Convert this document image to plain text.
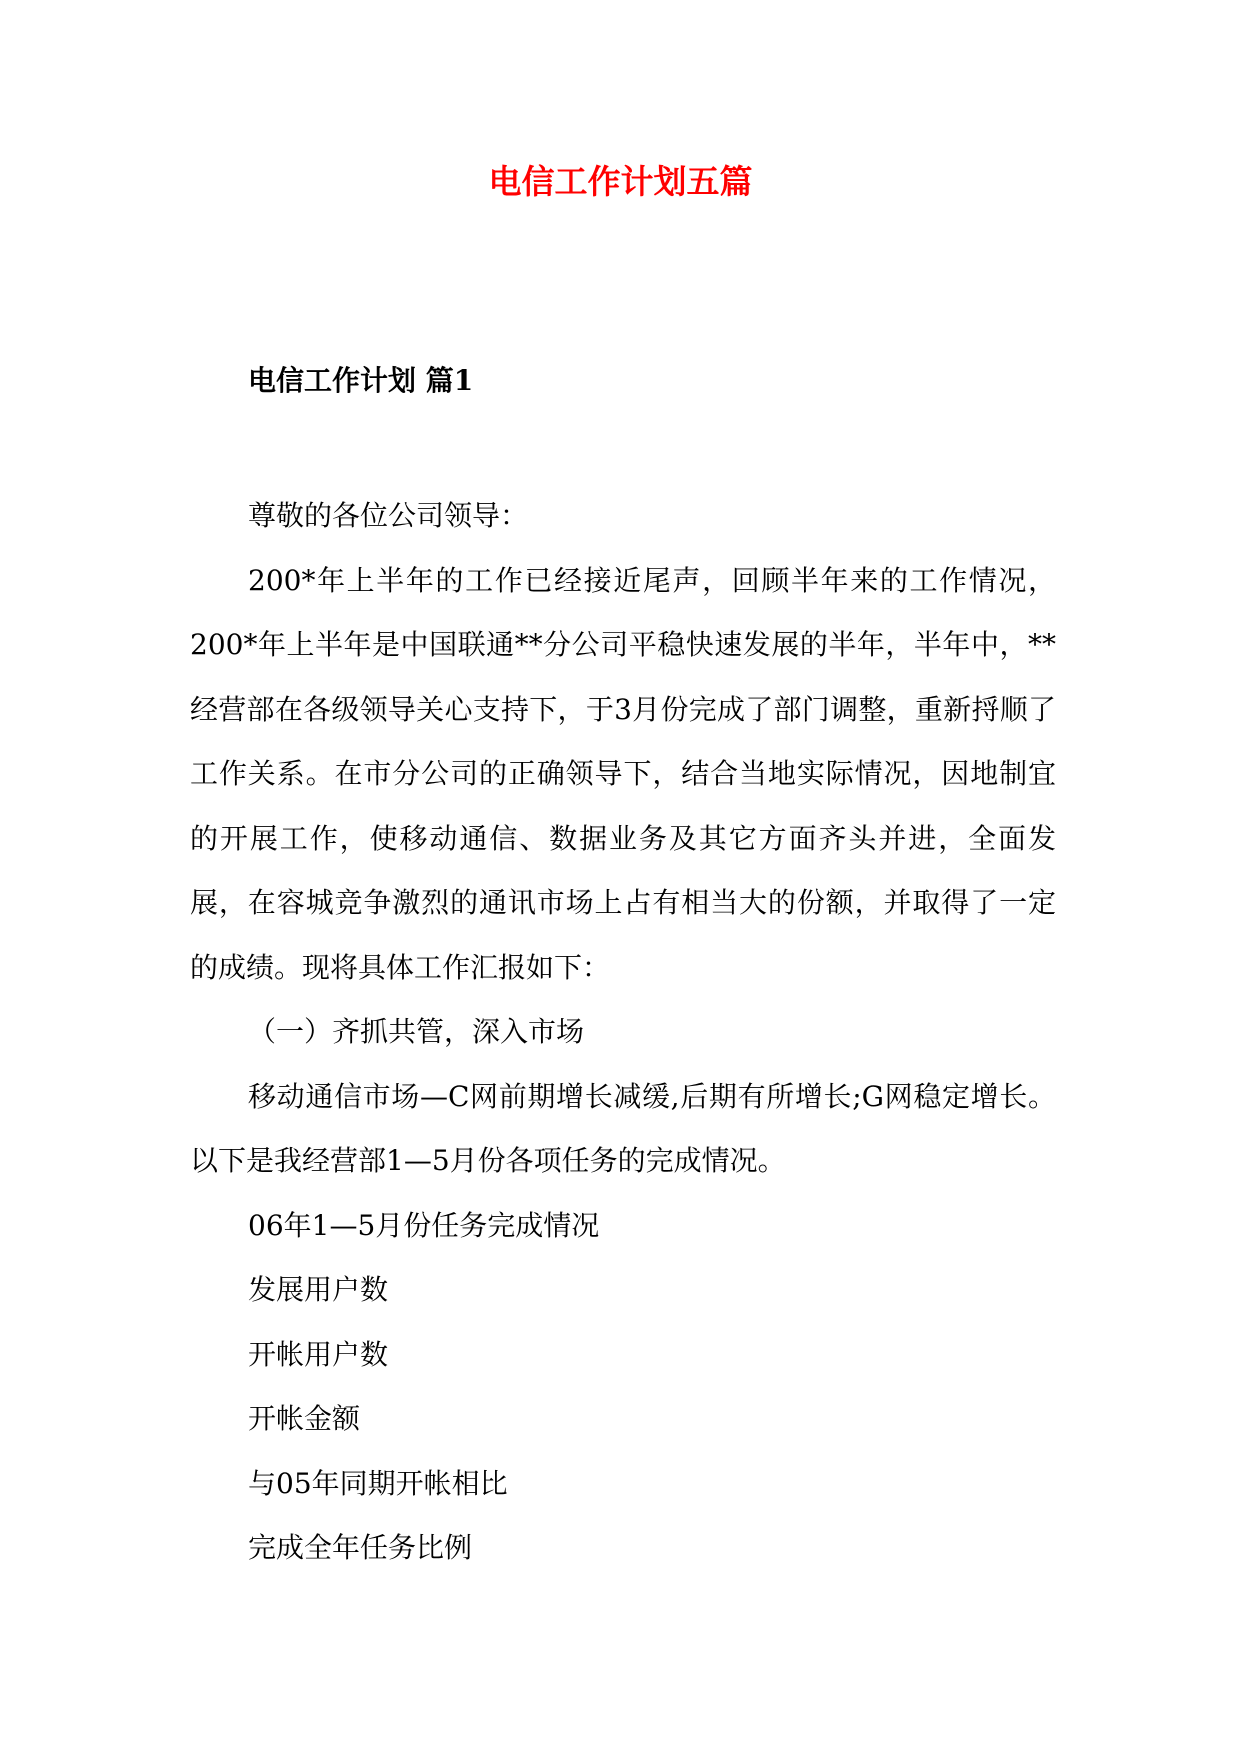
电信工作计划五篇
电信工作计划 篇1

尊敬的各位公司领导：

200*年上半年的工作已经接近尾声，回顾半年来的工作情况，200*年上半年是中国联通**分公司平稳快速发展的半年，半年中，**经营部在各级领导关心支持下，于3月份完成了部门调整，重新捋顺了工作关系。在市分公司的正确领导下，结合当地实际情况，因地制宜的开展工作，使移动通信、数据业务及其它方面齐头并进，全面发展，在容城竞争激烈的通讯市场上占有相当大的份额，并取得了一定的成绩。现将具体工作汇报如下：

（一）齐抓共管，深入市场

移动通信市场—C网前期增长减缓,后期有所增长;G网稳定增长。以下是我经营部1—5月份各项任务的完成情况。

06年1—5月份任务完成情况

发展用户数

开帐用户数

开帐金额

与05年同期开帐相比

完成全年任务比例
